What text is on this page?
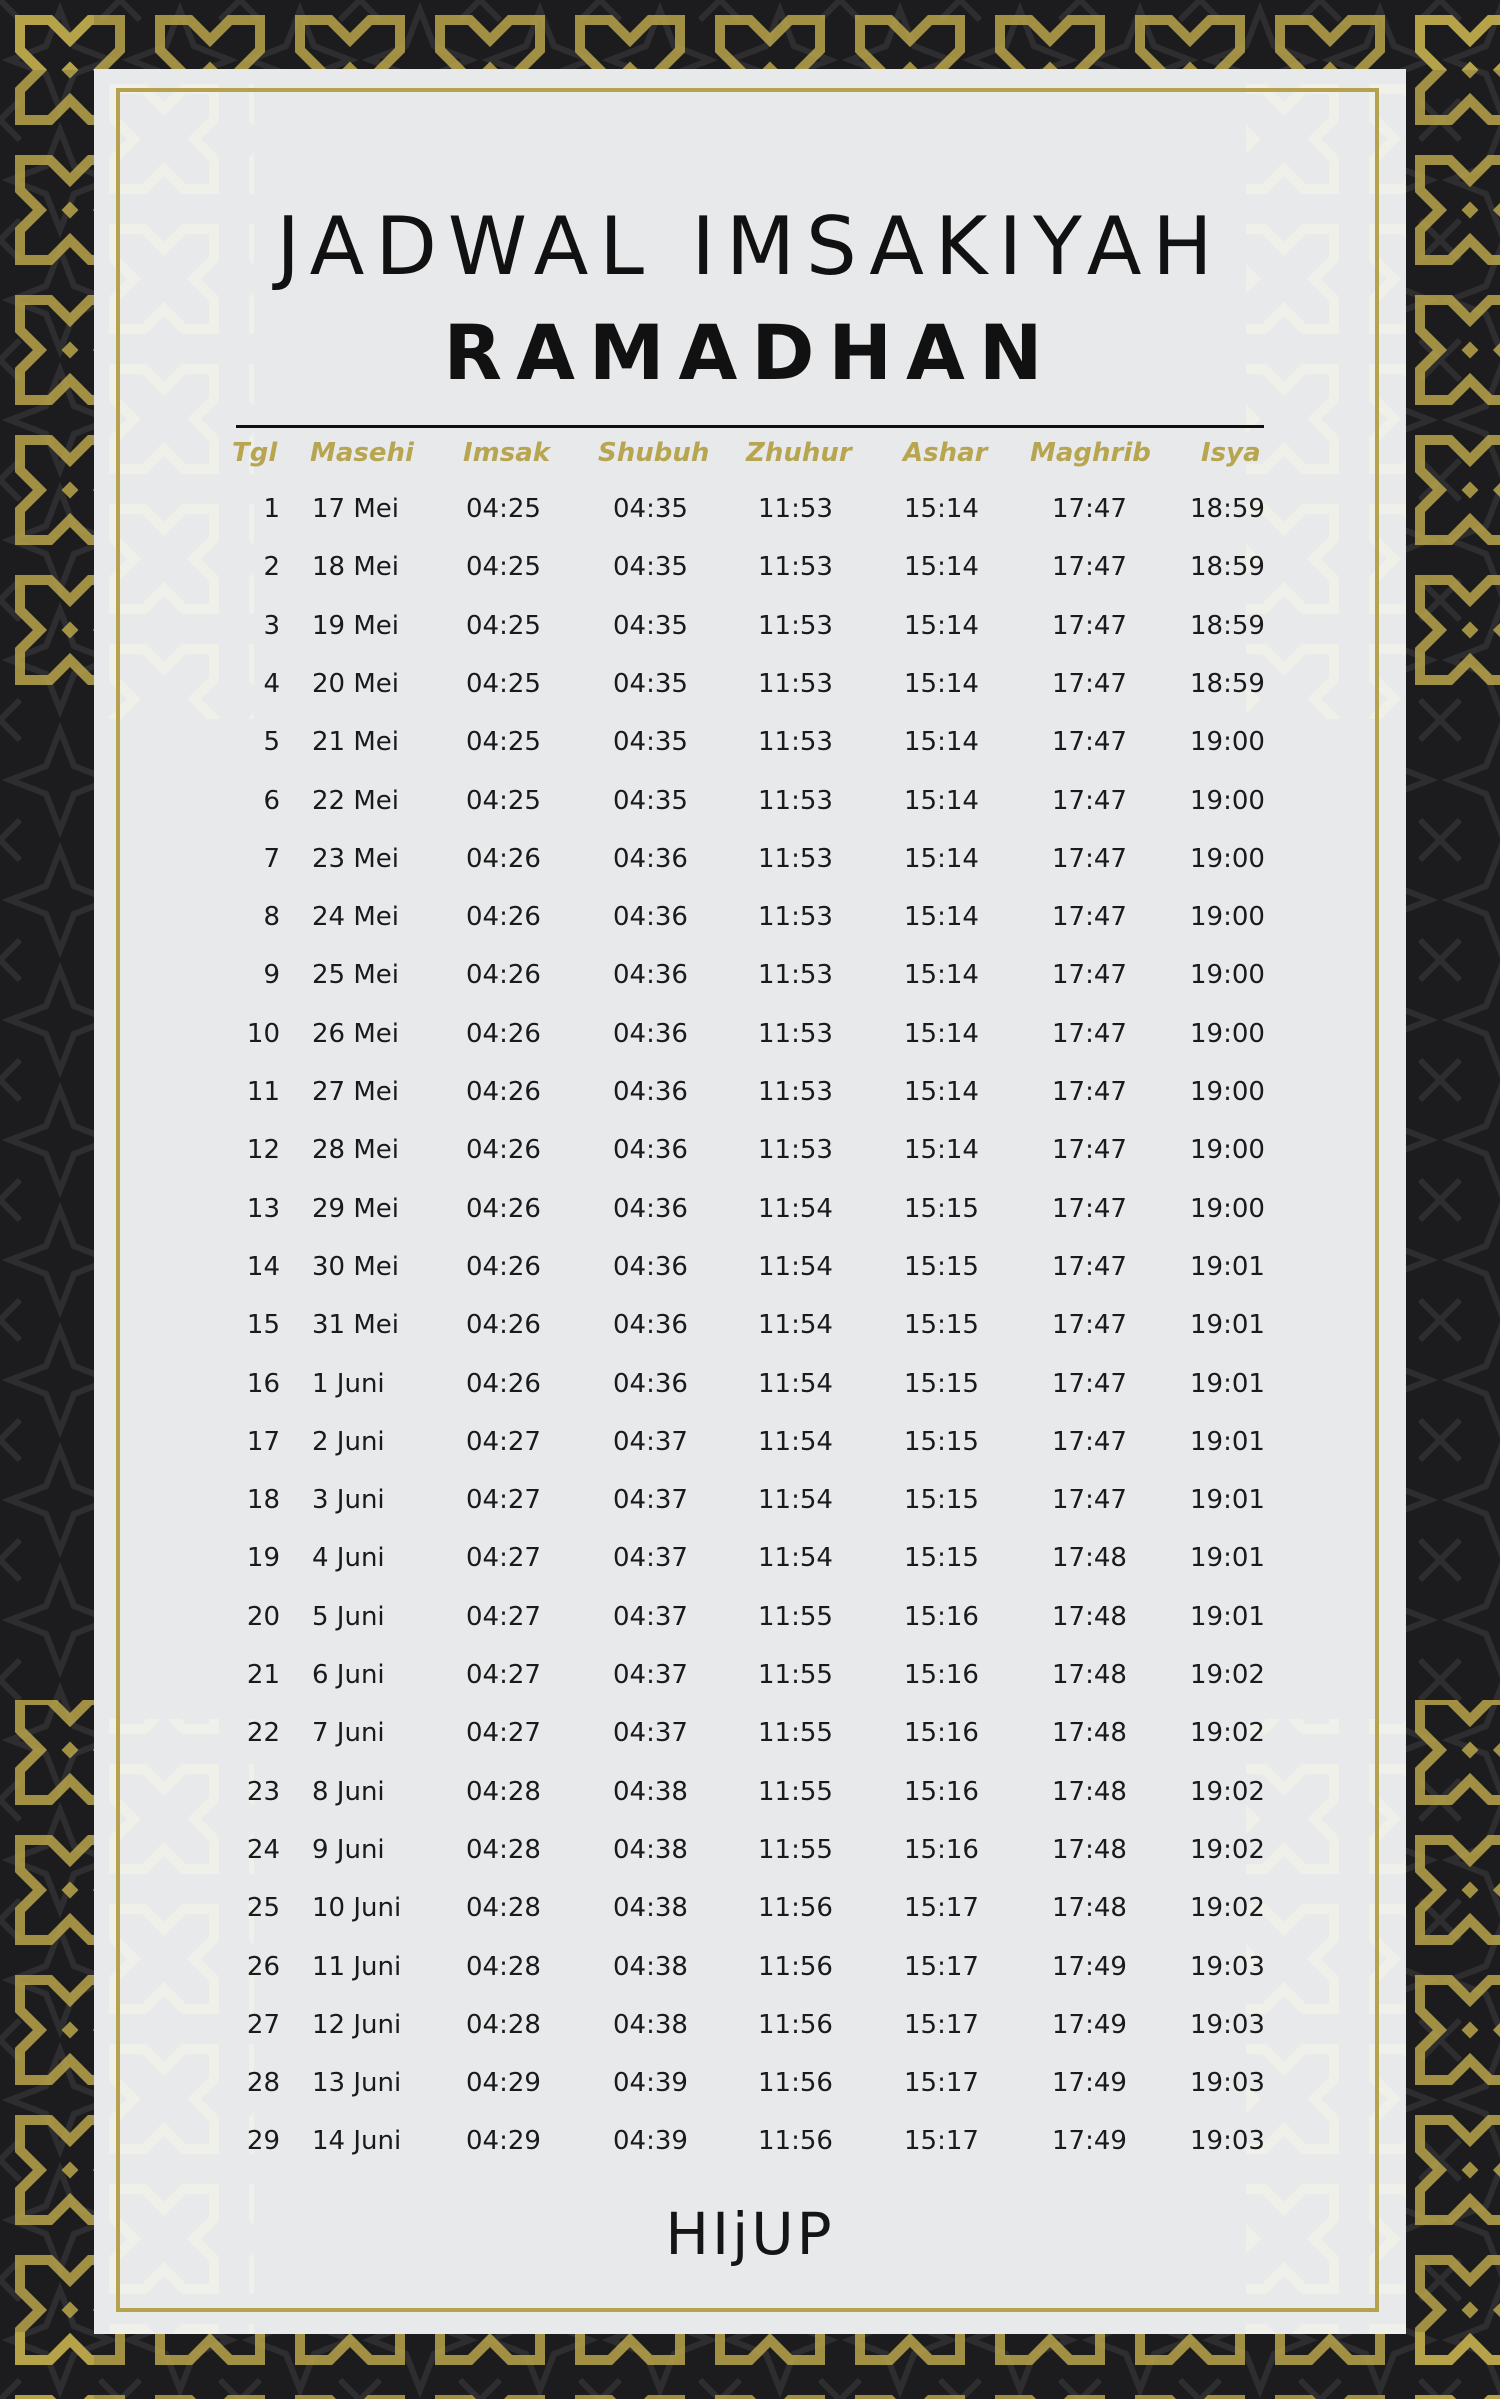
JADWAL IMSAKIYAH
RAMADHAN
Tgl Masehi Imsak Shubuh Zhuhur Ashar Maghrib Isya
1 17 Mei	04:25	04:35	11:53	15:14	17:47 18:59
2 18 Mei	04:25	04:35	11:53	15:14	17:47 18:59
3 19 Mei	04:25	04:35	11:53	15:14	17:47 18:59
4 20 Mei	04:25	04:35	11:53	15:14	17:47 18:59
5 21 Mei	04:25	04:35	11:53	15:14	17:47 19:00
6 22 Mei	04:25	04:35	11:53	15:14	17:47 19:00
7 23 Mei	04:26	04:36	11:53	15:14	17:47 19:00
8 24 Mei	04:26	04:36	11:53	15:14	17:47 19:00
9 25 Mei	04:26	04:36	11:53	15:14	17:47 19:00
10 26 Mei	04:26	04:36	11:53	15:14	17:47 19:00
11 27 Mei	04:26	04:36	11:53	15:14	17:47 19:00
12 28 Mei	04:26	04:36	11:53	15:14	17:47 19:00
13 29 Mei	04:26	04:36	11:54	15:15	17:47 19:00
14 30 Mei	04:26	04:36	11:54	15:15	17:47 19:01
15 31 Mei	04:26	04:36	11:54	15:15	17:47 19:01
16 1 Juni	04:26	04:36	11:54	15:15	17:47 19:01
17 2 Juni	04:27	04:37	11:54	15:15	17:47 19:01
18 3 Juni	04:27	04:37	11:54	15:15	17:47 19:01
19 4 Juni	04:27	04:37	11:54	15:15	17:48 19:01
20 5 Juni	04:27	04:37	11:55	15:16	17:48 19:01
21 6 Juni	04:27	04:37	11:55	15:16	17:48 19:02
22 7 Juni	04:27	04:37	11:55	15:16	17:48 19:02
23 8 Juni	04:28	04:38	11:55	15:16	17:48 19:02
24 9 Juni	04:28	04:38	11:55	15:16	17:48 19:02
25 10 Juni 04:28	04:38	11:56	15:17	17:48 19:02
26 11 Juni 04:28	04:38	11:56	15:17	17:49 19:03
27 12 Juni 04:28	04:38	11:56	15:17	17:49 19:03
28 13 Juni 04:29	04:39	11:56	15:17	17:49 19:03
29 14 Juni 04:29	04:39	11:56	15:17	17:49 19:03
HIjUP
